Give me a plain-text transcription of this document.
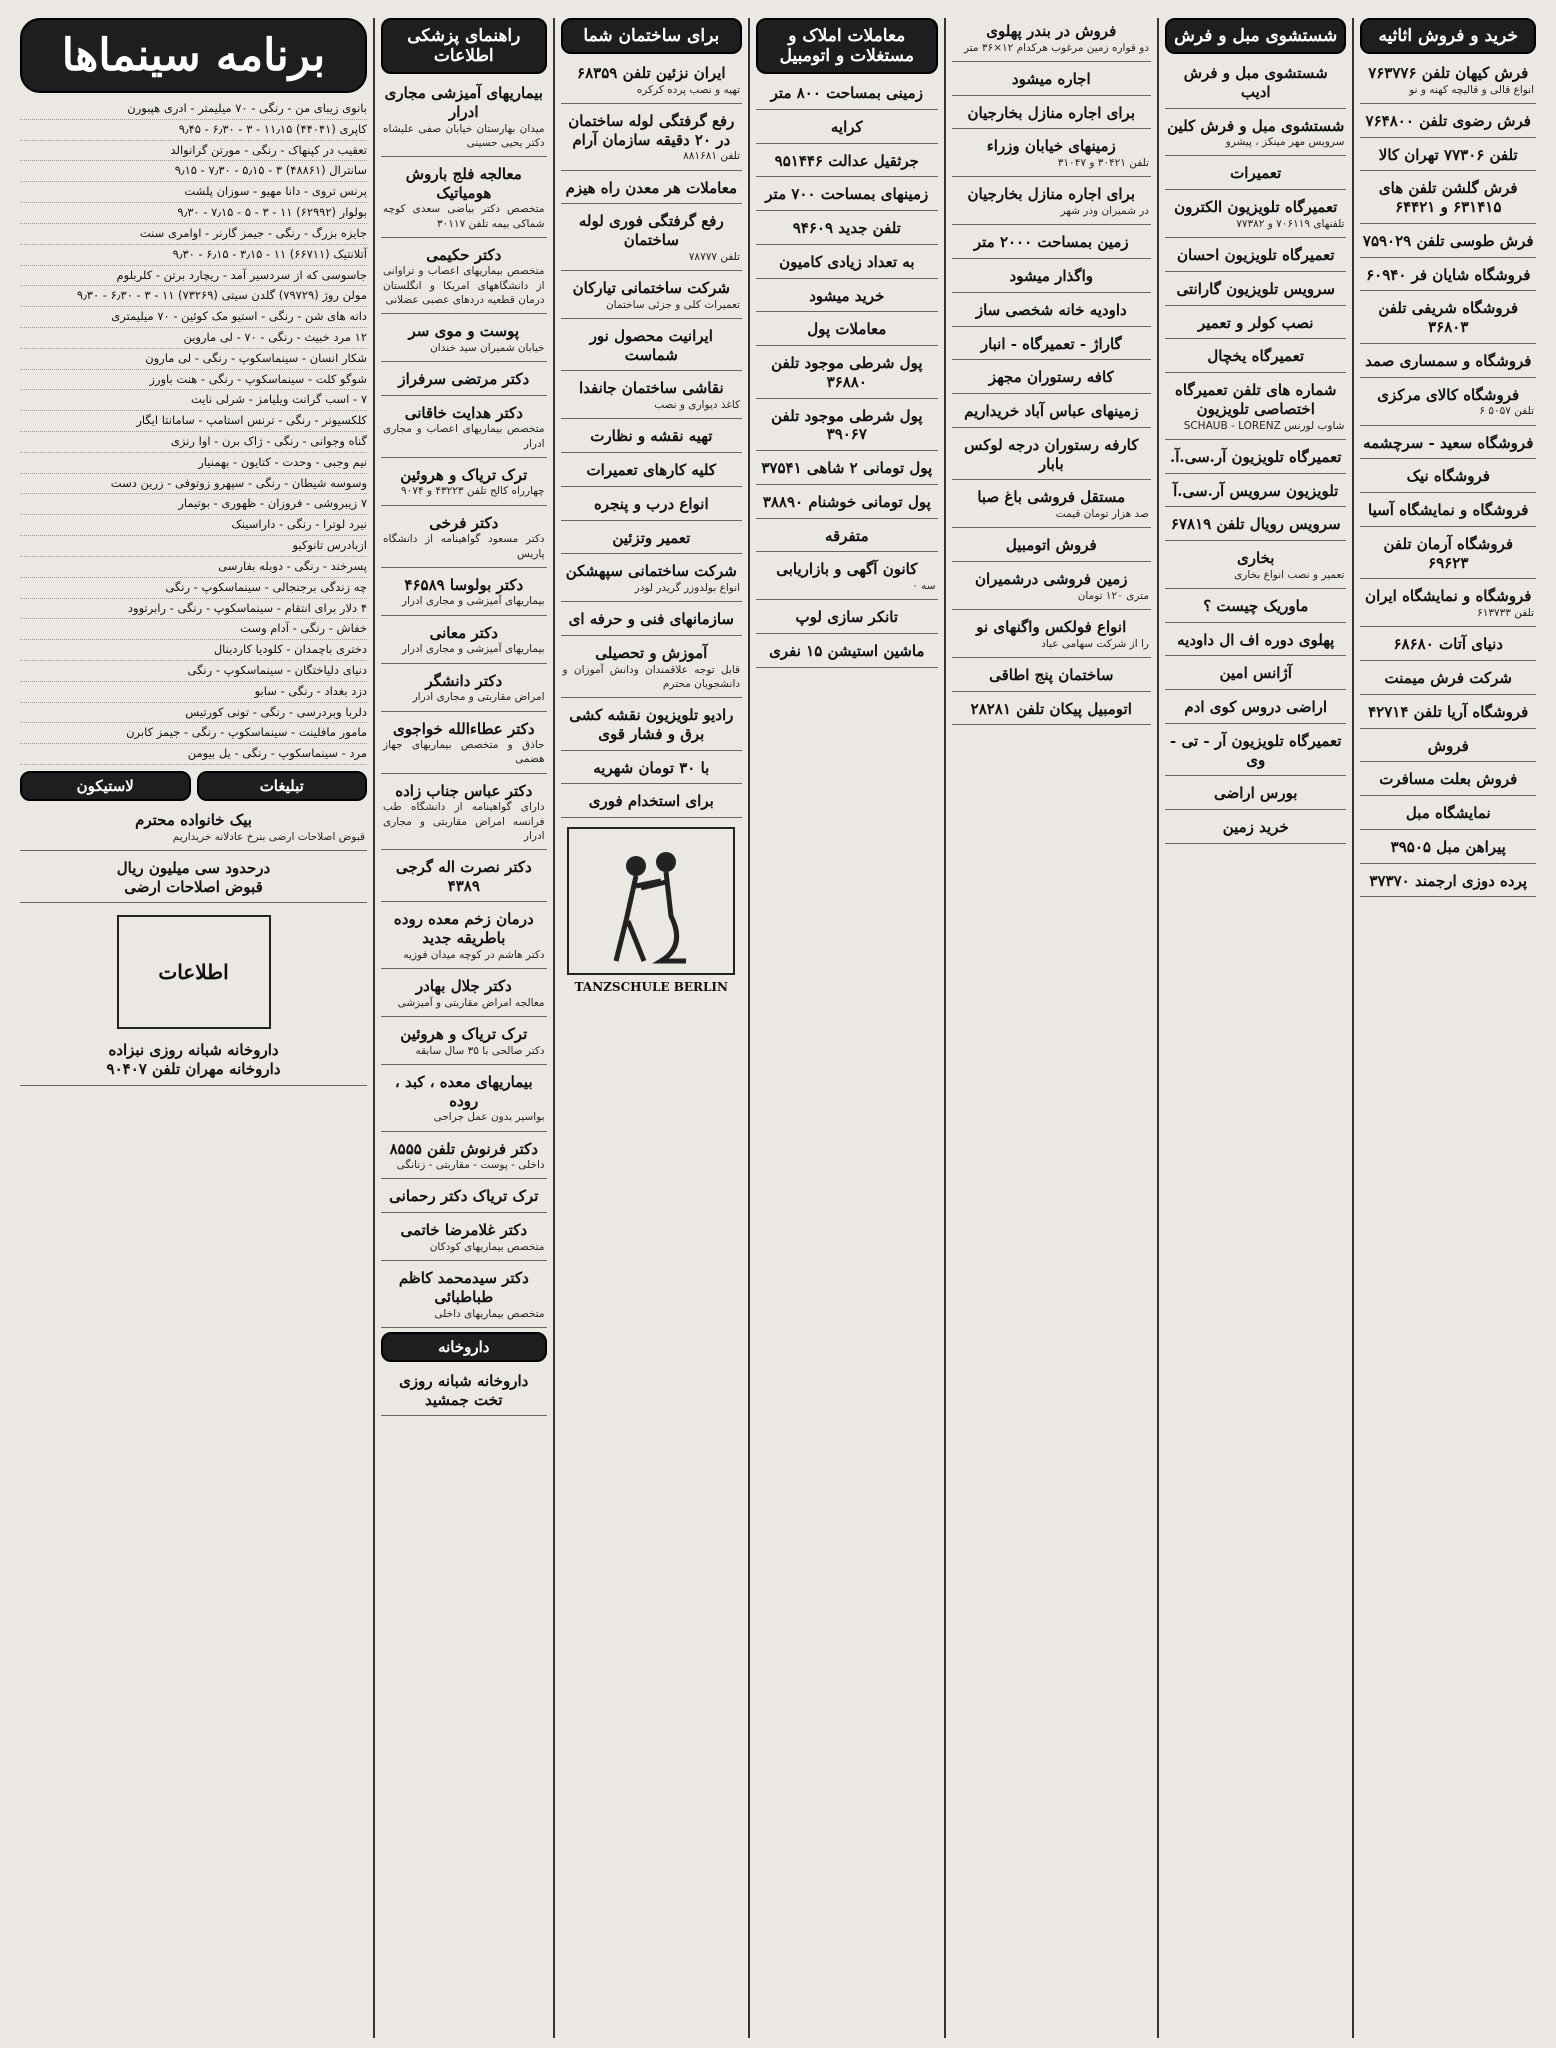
خرید و فروش اثاثیه
فرش کیهان تلفن ۷۶۳۷۷۶
انواع قالی و قالیچه کهنه و نو
فرش رضوی تلفن ۷۶۴۸۰۰
تلفن ۷۷۳۰۶ تهران کالا
فرش گلشن تلفن های ۶۳۱۴۱۵ و ۶۴۴۲۱
فرش طوسی تلفن ۷۵۹۰۲۹
فروشگاه شایان فر ۶۰۹۴۰
فروشگاه شریفی تلفن ۳۶۸۰۳
فروشگاه و سمساری صمد
فروشگاه کالای مرکزی
تلفن ۵۰۵۷ ۶
فروشگاه سعید - سرچشمه
فروشگاه نیک
فروشگاه و نمایشگاه آسیا
فروشگاه آرمان تلفن ۶۹۶۲۳
فروشگاه و نمایشگاه ایران
تلفن ۶۱۳۷۳۳
دنیای آتات ۶۸۶۸۰
شرکت فرش میمنت
فروشگاه آریا تلفن ۴۲۷۱۴
فروش
فروش بعلت مسافرت
نمایشگاه مبل
پیراهن مبل ۳۹۵۰۵
پرده دوزی ارجمند ۳۷۳۷۰
شستشوی مبل و فرش
شستشوی مبل و فرش ادیب
شستشوی مبل و فرش کلین
سرویس مهر مینکز ، پیشرو
تعمیرات
تعمیرگاه تلویزیون الکترون
تلفنهای ۷۰۶۱۱۹ و ۷۷۳۸۲
تعمیرگاه تلویزیون احسان
سرویس تلویزیون گارانتی
نصب کولر و تعمیر
تعمیرگاه یخچال
شماره های تلفن تعمیرگاه اختصاصی تلویزیون
شاوب لورنس SCHAUB - LORENZ
تعمیرگاه تلویزیون آر.سی.آ.
تلویزیون سرویس آر.سی.آ
سرویس رویال تلفن ۶۷۸۱۹
بخاری
تعمیر و نصب انواع بخاری
ماوریک چیست ؟
پهلوی دوره اف ال داوديه
آژانس امین
اراضی دروس کوی ادم
تعمیرگاه تلویزیون آر - تی - وی
بورس اراضی
خرید زمین
فروش در بندر پهلوی
دو قواره زمین مرغوب هرکدام ۱۲×۳۶ متر
اجاره میشود
برای اجاره منازل بخارجیان
زمینهای خیابان وزراء
تلفن ۳۰۴۲۱ و ۳۱۰۴۷
برای اجاره منازل بخارجیان
در شمیران ودر شهر
زمین بمساحت ۲۰۰۰ متر
واگذار میشود
داوديه خانه شخصی ساز
گاراژ - تعمیرگاه - انبار
کافه رستوران مجهز
زمینهای عباس آباد خریداریم
کارفه رستوران درجه لوکس بابار
مستقل فروشی باغ صبا
صد هزار تومان قیمت
فروش اتومبیل
زمین فروشی درشمیران
متری ۱۲۰ تومان
انواع فولکس واگنهای نو
را از شرکت سهامی عباد
ساختمان پنج اطاقی
اتومبیل پیکان تلفن ۲۸۲۸۱
معاملات املاک و مستغلات و اتومبیل
زمینی بمساحت ۸۰۰ متر
کرایه
جرثقیل عدالت ۹۵۱۴۴۶
زمینهای بمساحت ۷۰۰ متر
تلفن جدید ۹۴۶۰۹
به تعداد زیادی کامیون
خرید میشود
معاملات پول
پول شرطی موجود تلفن ۳۶۸۸۰
پول شرطی موجود تلفن ۳۹۰۶۷
پول تومانی ۲ شاهی ۳۷۵۴۱
پول تومانی خوشنام ۳۸۸۹۰
متفرقه
کانون آگهی و بازاریابی
سه ۰
تانکر سازی لوپ
ماشین استیشن ۱۵ نفری
برای ساختمان شما
ایران نزئین تلفن ۶۸۳۵۹
تهیه و نصب پرده کرکره
رفع گرفتگی لوله ساختمان در ۲۰ دقیقه سازمان آرام
تلفن ۸۸۱۶۸۱
معاملات هر معدن راه هیزم
رفع گرفتگی فوری لوله ساختمان
تلفن ۷۸۷۷۷
شرکت ساختمانی تیارکان
تعمیرات کلی و جزئی ساختمان
ایرانیت محصول نور شماست
نقاشی ساختمان جانفدا
کاغذ دیواری و نصب
تهیه نقشه و نظارت
کلیه کارهای تعمیرات
انواع درب و پنجره
تعمیر وتزئین
شرکت ساختمانی سپهشکن
انواع بولدوزر گریدر لودر
سازمانهای فنی و حرفه ای
آموزش و تحصیلی
قابل توجه علاقمندان ودانش آموزان و دانشجویان محترم
رادیو تلویزیون نقشه کشی برق و فشار قوی
با ۳۰ تومان شهریه
برای استخدام فوری
TANZSCHULE BERLIN
راهنمای پزشکی اطلاعات
بیماریهای آمیزشی مجاری ادرار
میدان بهارستان خیابان صفی علیشاه دکتر یحیی حسینی
معالجه فلج باروش هومیاتیک
متخصص دکتر بیاضی سعدی کوچه شماکی بیمه تلفن ۳۰۱۱۷
دکتر حکیمی
متخصص بیماریهای اعصاب و تراوانی از دانشگاههای امریکا و انگلستان درمان قطعیه دردهای عصبی عضلانی
پوست و موی سر
خیابان شمیران سید خندان
دکتر مرتضی سرفراز
دکتر هدایت خاقانی
متخصص بیماریهای اعصاب و مجاری ادرار
ترک تریاک و هروئین
چهارراه کالج تلفن ۴۳۲۲۳ و ۹۰۷۴
دکتر فرخی
دکتر مسعود گواهینامه از دانشگاه پاریس
دکتر بولوسا ۴۶۵۸۹
بیماریهای آمیزشی و مجاری ادرار
دکتر معانی
بیماریهای آمیزشی و مجاری ادرار
دکتر دانشگر
امراض مقاربتی و مجاری ادرار
دکتر عطاءالله خواجوی
حاذق و متخصص بیماریهای جهاز هضمی
دکتر عباس جناب زاده
دارای گواهینامه از دانشگاه طب فرانسه امراض مقاربتی و مجاری ادرار
دکتر نصرت اله گرجی ۴۳۸۹
درمان زخم معده روده باطریقه جدید
دکتر هاشم در کوچه میدان فوزیه
دکتر جلال بهادر
معالجه امراض مقاربتی و آمیزشی
ترک تریاک و هروئین
دکتر صالحی با ۳۵ سال سابقه
بیماریهای معده ، کبد ، روده
بواسیر بدون عمل جراحی
دکتر فرنوش تلفن ۸۵۵۵
داخلی - پوست - مقاربتی - زنانگی
ترک تریاک دکتر رحمانی
دکتر غلامرضا خاتمی
متخصص بیماریهای کودکان
دکتر سیدمحمد کاظم طباطبائی
متخصص بیماریهای داخلی
داروخانه
داروخانه شبانه روزی تخت جمشید
برنامه سینماها
بانوی زیبای من - رنگی - ۷۰ میلیمتر - ادری هپبورن
کاپری (۴۴۰۴۱) ۱۱٫۱۵ - ۳ - ۶٫۳۰ - ۹٫۴۵
تعقیب در کپنهاک - رنگی - مورتن گرانوالد
سانترال (۴۸۸۶۱) ۳ - ۵٫۱۵ - ۷٫۳۰ - ۹٫۱۵
پرنس تروی - دانا مهیو - سوزان پلشت
بولوار (۶۲۹۹۲) ۱۱ - ۳ - ۵ - ۷٫۱۵ - ۹٫۳۰
جایزه بزرگ - رنگی - جیمز گارنر - اوامری سنت
آتلانتیک (۶۶۷۱۱) ۱۱ - ۳٫۱۵ - ۶٫۱۵ - ۹٫۳۰
جاسوسی که از سردسیر آمد - ریچارد برتن - کلربلوم
مولن روژ (۷۹۷۲۹) گلدن سیتی (۷۳۲۶۹) ۱۱ - ۳ - ۶٫۳۰ - ۹٫۳۰
دانه های شن - رنگی - استیو مک کوئین - ۷۰ میلیمتری
۱۲ مرد خبیث - رنگی - ۷۰ - لی ماروین
شکار انسان - سینماسکوپ - رنگی - لی مارون
شوگو کلت - سینماسکوپ - رنگی - هنت باورز
۷ - اسب گرانت ویلیامز - شرلی نایت
کلکسیونر - رنگی - ترنس استامپ - سامانتا ایگار
گناه وجوانی - رنگی - ژاک برن - اوا رنزی
نیم وجبی - وحدت - کتایون - بهمنیار
وسوسه شیطان - رنگی - سپهرو زوتوفی - زرین دست
۷ زیبروشی - فروزان - ظهوری - بوتیمار
نیرد لوترا - رنگی - داراسینک
ازبادرس تانوکیو
پسرخند - رنگی - دوبله بفارسی
چه زندگی برجنجالی - سینماسکوپ - رنگی
۴ دلار برای انتقام - سینماسکوپ - رنگی - رابرتوود
خفاش - رنگی - آدام وست
دختری باچمدان - کلودیا کاردینال
دنیای دلیاختگان - سینماسکوپ - رنگی
دزد بغداد - رنگی - سابو
دلربا وبردرسی - رنگی - تونی کورتیس
مامور مافلینت - سینماسکوپ - رنگی - جیمز کابرن
مرد - سینماسکوپ - رنگی - یل بیومن
تبلیغات
لاستیکون
بیک خانواده محترم
قبوض اصلاحات ارضی بنرخ عادلانه خریداریم
درحدود سی میلیون ریال
قبوض اصلاحات ارضی
اطلاعات
داروخانه شبانه روزی نبزاده
داروخانه مهران تلفن ۹۰۴۰۷
